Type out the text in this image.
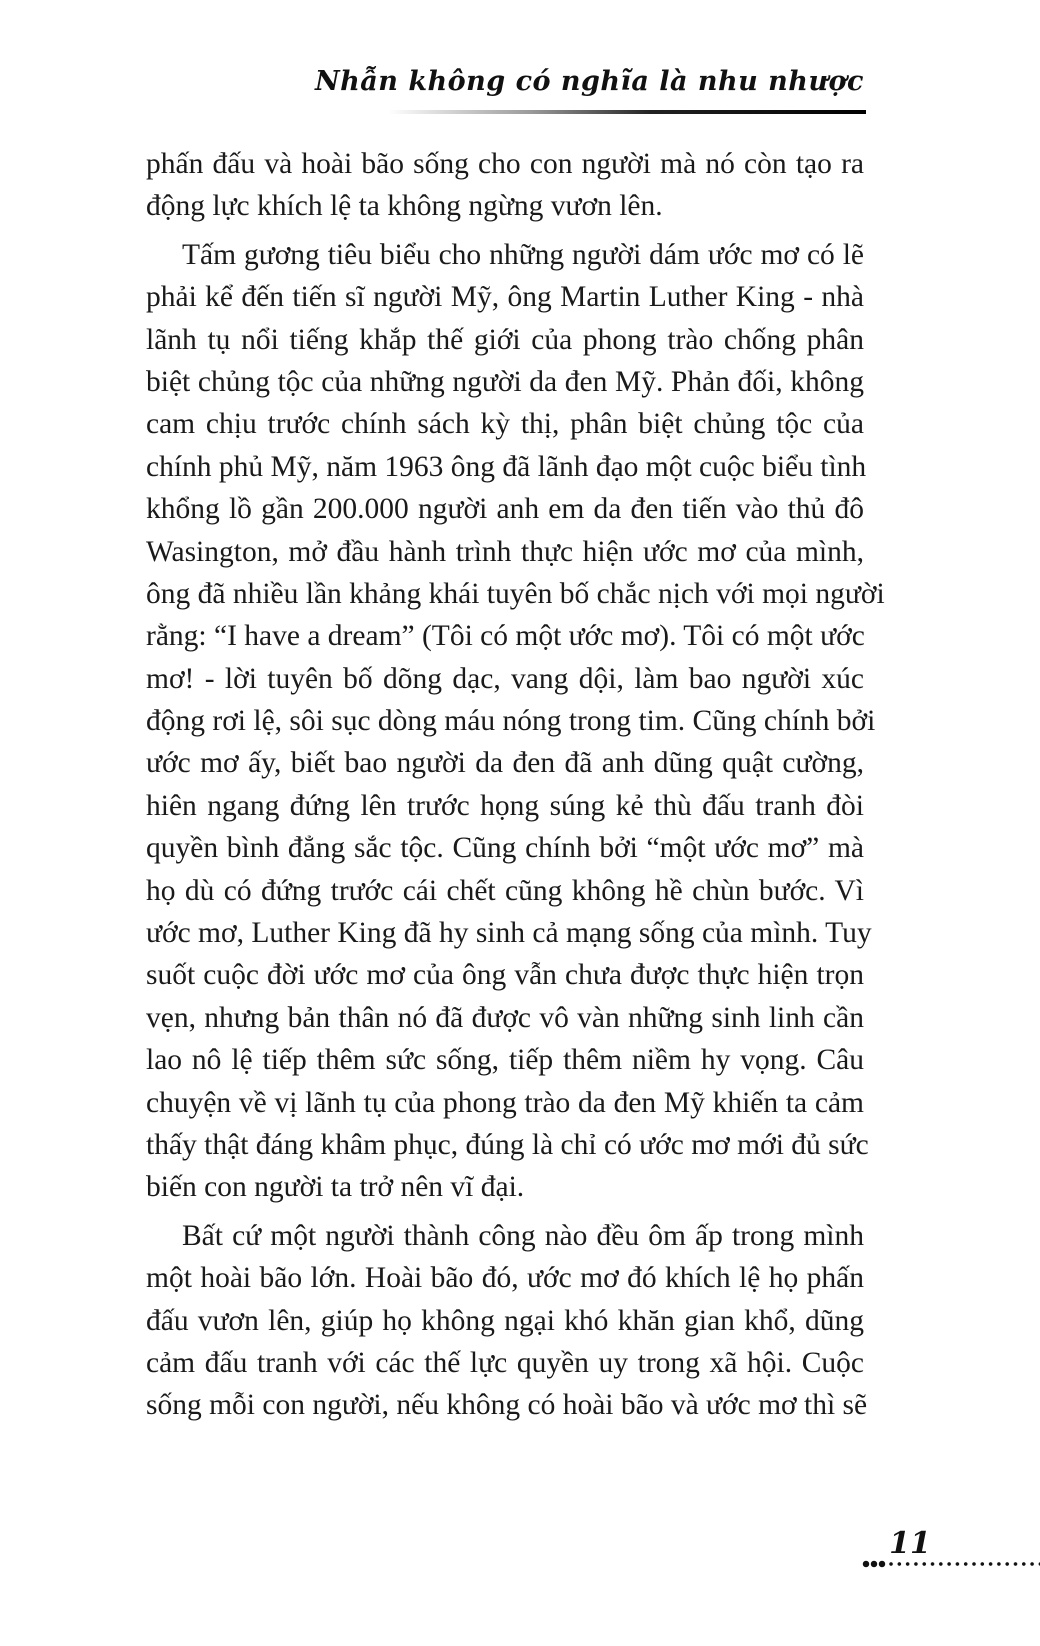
Nhẫn không có nghĩa là nhu nhược
phấn đấu và hoài bão sống cho con người mà nó còn tạo ra
động lực khích lệ ta không ngừng vươn lên.
Tấm gương tiêu biểu cho những người dám ước mơ có lẽ
phải kể đến tiến sĩ người Mỹ, ông Martin Luther King - nhà
lãnh tụ nổi tiếng khắp thế giới của phong trào chống phân
biệt chủng tộc của những người da đen Mỹ. Phản đối, không
cam chịu trước chính sách kỳ thị, phân biệt chủng tộc của
chính phủ Mỹ, năm 1963 ông đã lãnh đạo một cuộc biểu tình
khổng lồ gần 200.000 người anh em da đen tiến vào thủ đô
Wasington, mở đầu hành trình thực hiện ước mơ của mình,
ông đã nhiều lần khảng khái tuyên bố chắc nịch với mọi người
rằng: “I have a dream” (Tôi có một ước mơ). Tôi có một ước
mơ! - lời tuyên bố dõng dạc, vang dội, làm bao người xúc
động rơi lệ, sôi sục dòng máu nóng trong tim. Cũng chính bởi
ước mơ ấy, biết bao người da đen đã anh dũng quật cường,
hiên ngang đứng lên trước họng súng kẻ thù đấu tranh đòi
quyền bình đẳng sắc tộc. Cũng chính bởi “một ước mơ” mà
họ dù có đứng trước cái chết cũng không hề chùn bước. Vì
ước mơ, Luther King đã hy sinh cả mạng sống của mình. Tuy
suốt cuộc đời ước mơ của ông vẫn chưa được thực hiện trọn
vẹn, nhưng bản thân nó đã được vô vàn những sinh linh cần
lao nô lệ tiếp thêm sức sống, tiếp thêm niềm hy vọng. Câu
chuyện về vị lãnh tụ của phong trào da đen Mỹ khiến ta cảm
thấy thật đáng khâm phục, đúng là chỉ có ước mơ mới đủ sức
biến con người ta trở nên vĩ đại.
Bất cứ một người thành công nào đều ôm ấp trong mình
một hoài bão lớn. Hoài bão đó, ước mơ đó khích lệ họ phấn
đấu vươn lên, giúp họ không ngại khó khăn gian khổ, dũng
cảm đấu tranh với các thế lực quyền uy trong xã hội. Cuộc
sống mỗi con người, nếu không có hoài bão và ước mơ thì sẽ
11
